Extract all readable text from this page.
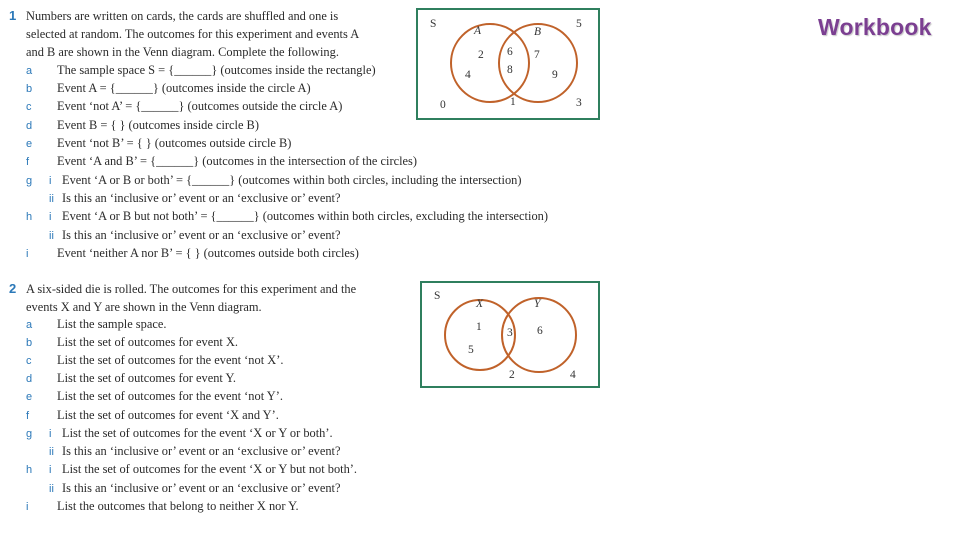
Workbook
1 Numbers are written on cards, the cards are shuffled and one is

selected at random. The outcomes for this experiment and events A

and B are shown in the Venn diagram. Complete the following.

a The sample space S = {______} (outcomes inside the rectangle)
b Event A = {______} (outcomes inside the circle A)
c Event ‘not A’ = {______} (outcomes outside the circle A)
d Event B = { } (outcomes inside circle B)
e Event ‘not B’ = { } (outcomes outside circle B)
f Event ‘A and B’ = {______} (outcomes in the intersection of the circles)
g i Event ‘A or B or both’ = {______} (outcomes within both circles, including the intersection)
ii Is this an ‘inclusive or’ event or an ‘exclusive or’ event?
h i Event ‘A or B but not both’ = {______} (outcomes within both circles, excluding the intersection)
ii Is this an ‘inclusive or’ event or an ‘exclusive or’ event?
i Event ‘neither A nor B’ = { } (outcomes outside both circles)
S
A	B
2
4
6
8
7
9
5
0	1	3
2 A six-sided die is rolled. The outcomes for this experiment and the

events X and Y are shown in the Venn diagram.

a List the sample space.
b List the set of outcomes for event X.
c List the set of outcomes for the event ‘not X’.
d List the set of outcomes for event Y.
e List the set of outcomes for the event ‘not Y’.
f List the set of outcomes for event ‘X and Y’.
g i List the set of outcomes for the event ‘X or Y or both’.
ii Is this an ‘inclusive or’ event or an ‘exclusive or’ event?
h i List the set of outcomes for the event ‘X or Y but not both’.
ii Is this an ‘inclusive or’ event or an ‘exclusive or’ event?
i List the outcomes that belong to neither X nor Y.
S
X	Y
1
5
3 6
2	4
